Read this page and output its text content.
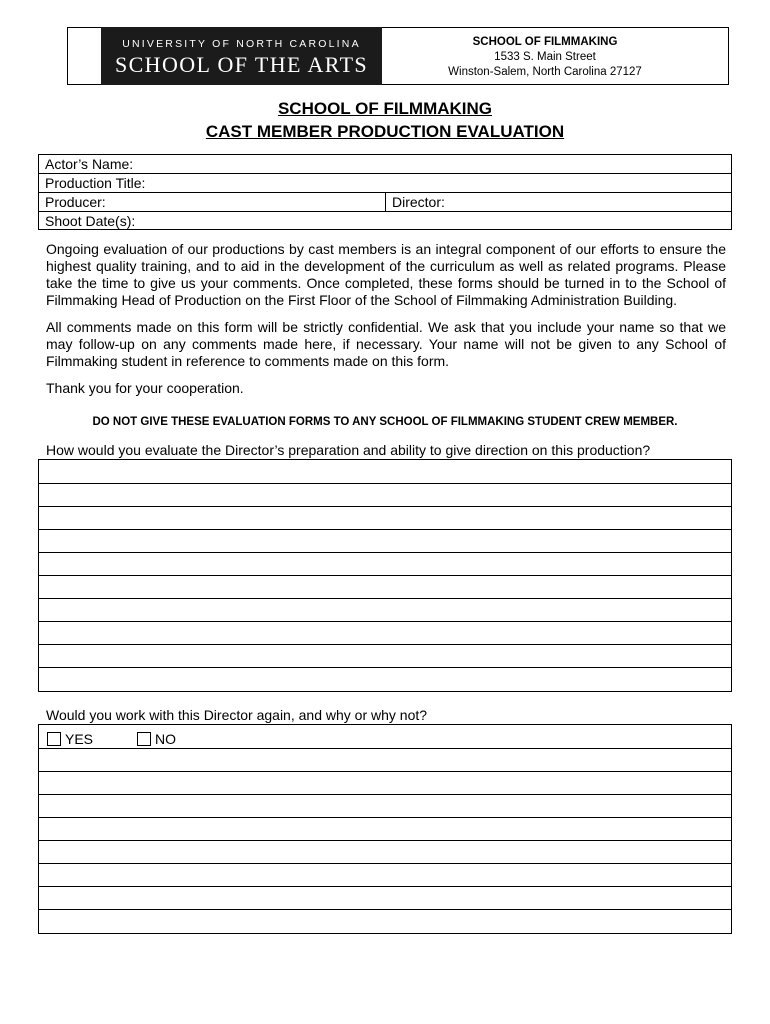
UNIVERSITY OF NORTH CAROLINA
SCHOOL OF THE ARTS
SCHOOL OF FILMMAKING
1533 S. Main Street
Winston-Salem, North Carolina 27127
SCHOOL OF FILMMAKING
CAST MEMBER PRODUCTION EVALUATION
Actor’s Name:
Production Title:
Producer:	Director:
Shoot Date(s):
Ongoing evaluation of our productions by cast members is an integral component of our efforts to ensure the highest quality training, and to aid in the development of the curriculum as well as related programs. Please take the time to give us your comments. Once completed, these forms should be turned in to the School of Filmmaking Head of Production on the First Floor of the School of Filmmaking Administration Building.
All comments made on this form will be strictly confidential. We ask that you include your name so that we may follow-up on any comments made here, if necessary. Your name will not be given to any School of Filmmaking student in reference to comments made on this form.
Thank you for your cooperation.
DO NOT GIVE THESE EVALUATION FORMS TO ANY SCHOOL OF FILMMAKING STUDENT CREW MEMBER.
How would you evaluate the Director’s preparation and ability to give direction on this production?
Would you work with this Director again, and why or why not?
YES	NO
